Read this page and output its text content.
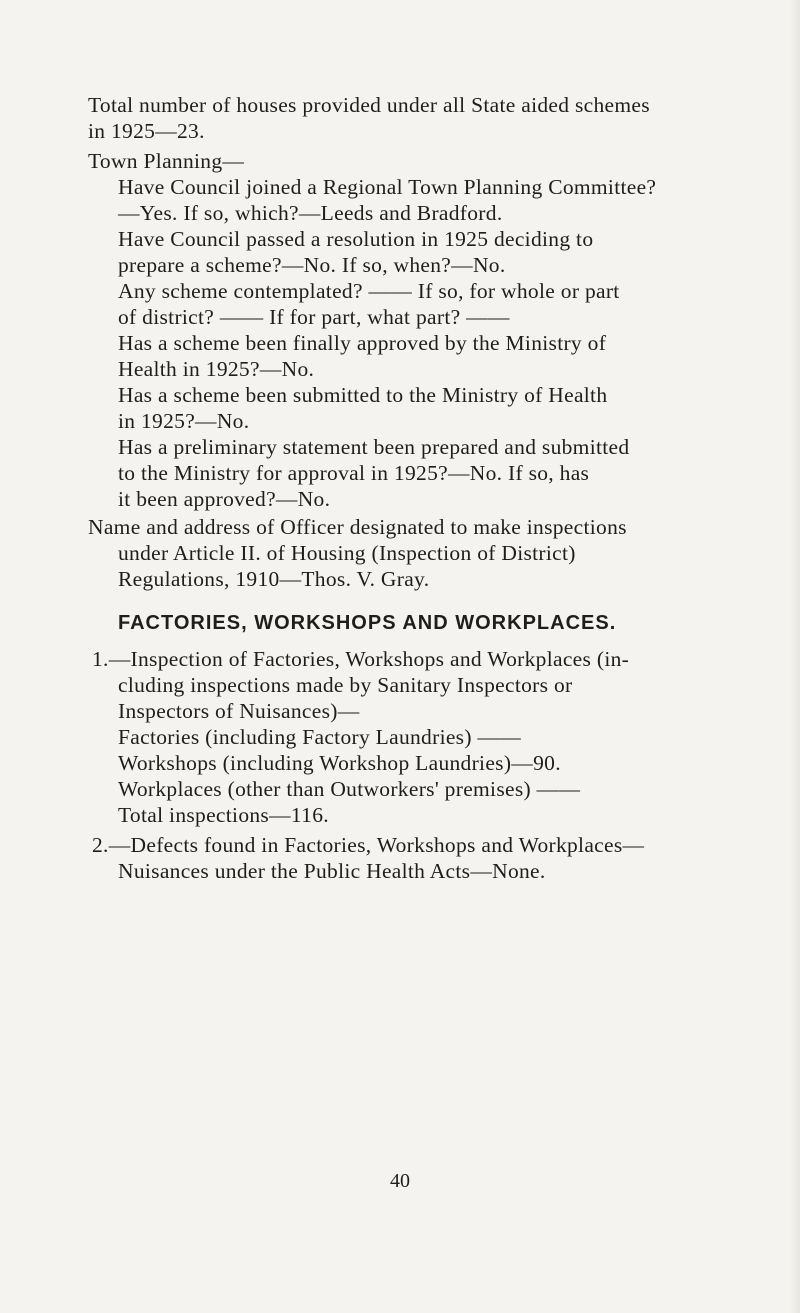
Total number of houses provided under all State aided schemes
in 1925—23.
Town Planning—
Have Council joined a Regional Town Planning Committee?
—Yes. If so, which?—Leeds and Bradford.
Have Council passed a resolution in 1925 deciding to
prepare a scheme?—No. If so, when?—No.
Any scheme contemplated? —— If so, for whole or part
of district? —— If for part, what part? ——
Has a scheme been finally approved by the Ministry of
Health in 1925?—No.
Has a scheme been submitted to the Ministry of Health
in 1925?—No.
Has a preliminary statement been prepared and submitted
to the Ministry for approval in 1925?—No. If so, has
it been approved?—No.
Name and address of Officer designated to make inspections
under Article II. of Housing (Inspection of District)
Regulations, 1910—Thos. V. Gray.
FACTORIES, WORKSHOPS AND WORKPLACES.
1.—Inspection of Factories, Workshops and Workplaces (in-
cluding inspections made by Sanitary Inspectors or
Inspectors of Nuisances)—
Factories (including Factory Laundries) ——
Workshops (including Workshop Laundries)—90.
Workplaces (other than Outworkers' premises) ——
Total inspections—116.
2.—Defects found in Factories, Workshops and Workplaces—
Nuisances under the Public Health Acts—None.
40
